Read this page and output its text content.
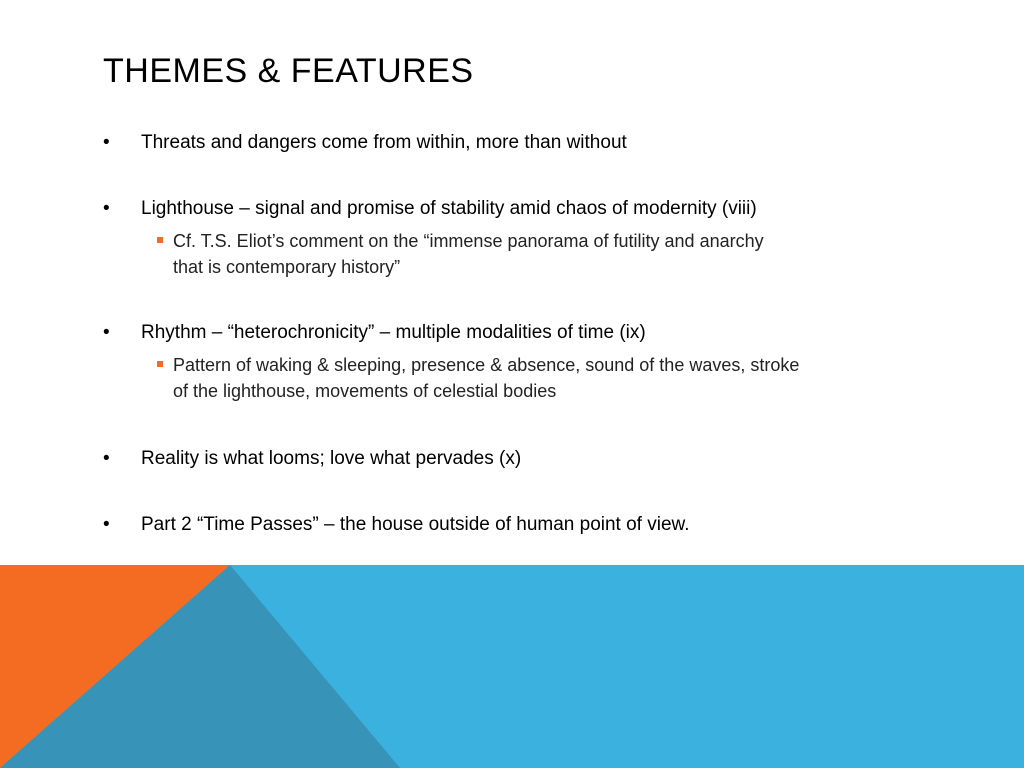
THEMES & FEATURES
• Threats and dangers come from within, more than without
• Lighthouse – signal and promise of stability amid chaos of modernity (viii)
Cf. T.S. Eliot’s comment on the “immense panorama of futility and anarchy
that is contemporary history”
• Rhythm – “heterochronicity” – multiple modalities of time (ix)
Pattern of waking & sleeping, presence & absence, sound of the waves, stroke
of the lighthouse, movements of celestial bodies
• Reality is what looms; love what pervades (x)
• Part 2 “Time Passes” – the house outside of human point of view.
